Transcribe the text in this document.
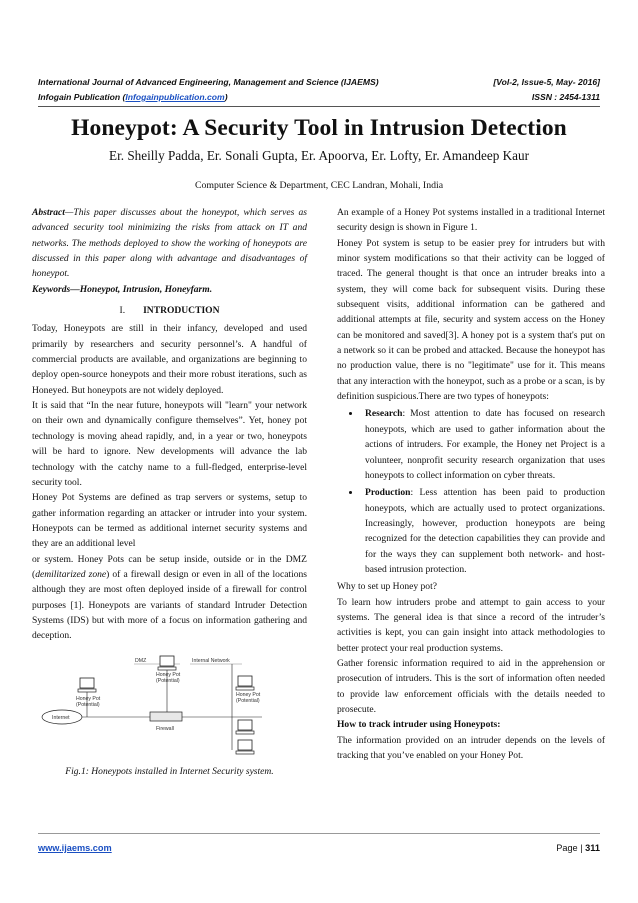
International Journal of Advanced Engineering, Management and Science (IJAEMS)	[Vol-2, Issue-5, May- 2016]
Infogain Publication (Infogainpublication.com)	ISSN : 2454-1311
Honeypot: A Security Tool in Intrusion Detection
Er. Sheilly Padda, Er. Sonali Gupta, Er. Apoorva, Er. Lofty, Er. Amandeep Kaur
Computer Science & Department, CEC Landran, Mohali, India

Abstract—This paper discusses about the honeypot, which serves as advanced security tool minimizing the risks from attack on IT and networks. The methods deployed to show the working of honeypots are discussed in this paper along with advantage and disadvantages of honeypot.

Keywords—Honeypot, Intrusion, Honeyfarm.

I. INTRODUCTION

Today, Honeypots are still in their infancy, developed and used primarily by researchers and security personnel’s. A handful of commercial products are available, and organizations are beginning to deploy open-source honeypots and their more robust iterations, such as Honeyed. But honeypots are not widely deployed.

It is said that “In the near future, honeypots will "learn" your network on their own and dynamically configure themselves”. Yet, honey pot technology is moving ahead rapidly, and, in a year or two, honeypots will be hard to ignore. New developments will advance the lab technology with the catchy name to a full-fledged, enterprise-level security tool.

Honey Pot Systems are defined as trap servers or systems, setup to gather information regarding an attacker or intruder into your system. Honeypots can be termed as additional internet security systems and they are an additional level

or system. Honey Pots can be setup inside, outside or in the DMZ (demilitarized zone) of a firewall design or even in all of the locations although they are most often deployed inside of a firewall for control purposes [1]. Honeypots are variants of standard Intruder Detection Systems (IDS) but with more of a focus on information gathering and deception.

DMZ	Internal Network
Honey Pot
(Potential)
Honey Pot
(Potential)
Internet
Firewall
Honey Pot
(Potential)

Fig.1: Honeypots installed in Internet Security system.

An example of a Honey Pot systems installed in a traditional Internet security design is shown in Figure 1.

Honey Pot system is setup to be easier prey for intruders but with minor system modifications so that their activity can be logged of traced. The general thought is that once an intruder breaks into a system, they will come back for subsequent visits. During these subsequent visits, additional information can be gathered and additional attempts at file, security and system access on the Honey can be monitored and saved[3]. A honey pot is a system that's put on a network so it can be probed and attacked. Because the honeypot has no production value, there is no "legitimate" use for it. This means that any interaction with the honeypot, such as a probe or a scan, is by definition suspicious.There are two types of honeypots:

• Research: Most attention to date has focused on research honeypots, which are used to gather information about the actions of intruders. For example, the Honey net Project is a volunteer, nonprofit security research organization that uses honeypots to collect information on cyber threats.
• Production: Less attention has been paid to production honeypots, which are actually used to protect organizations. Increasingly, however, production honeypots are being recognized for the detection capabilities they can provide and for the ways they can supplement both network- and host-based intrusion protection.

Why to set up Honey pot?

To learn how intruders probe and attempt to gain access to your systems. The general idea is that since a record of the intruder’s activities is kept, you can gain insight into attack methodologies to better protect your real production systems.

Gather forensic information required to aid in the apprehension or prosecution of intruders. This is the sort of information often needed to provide law enforcement officials with the details needed to prosecute.

How to track intruder using Honeypots:

The information provided on an intruder depends on the levels of tracking that you’ve enabled on your Honey Pot.

www.ijaems.com	Page | 311
